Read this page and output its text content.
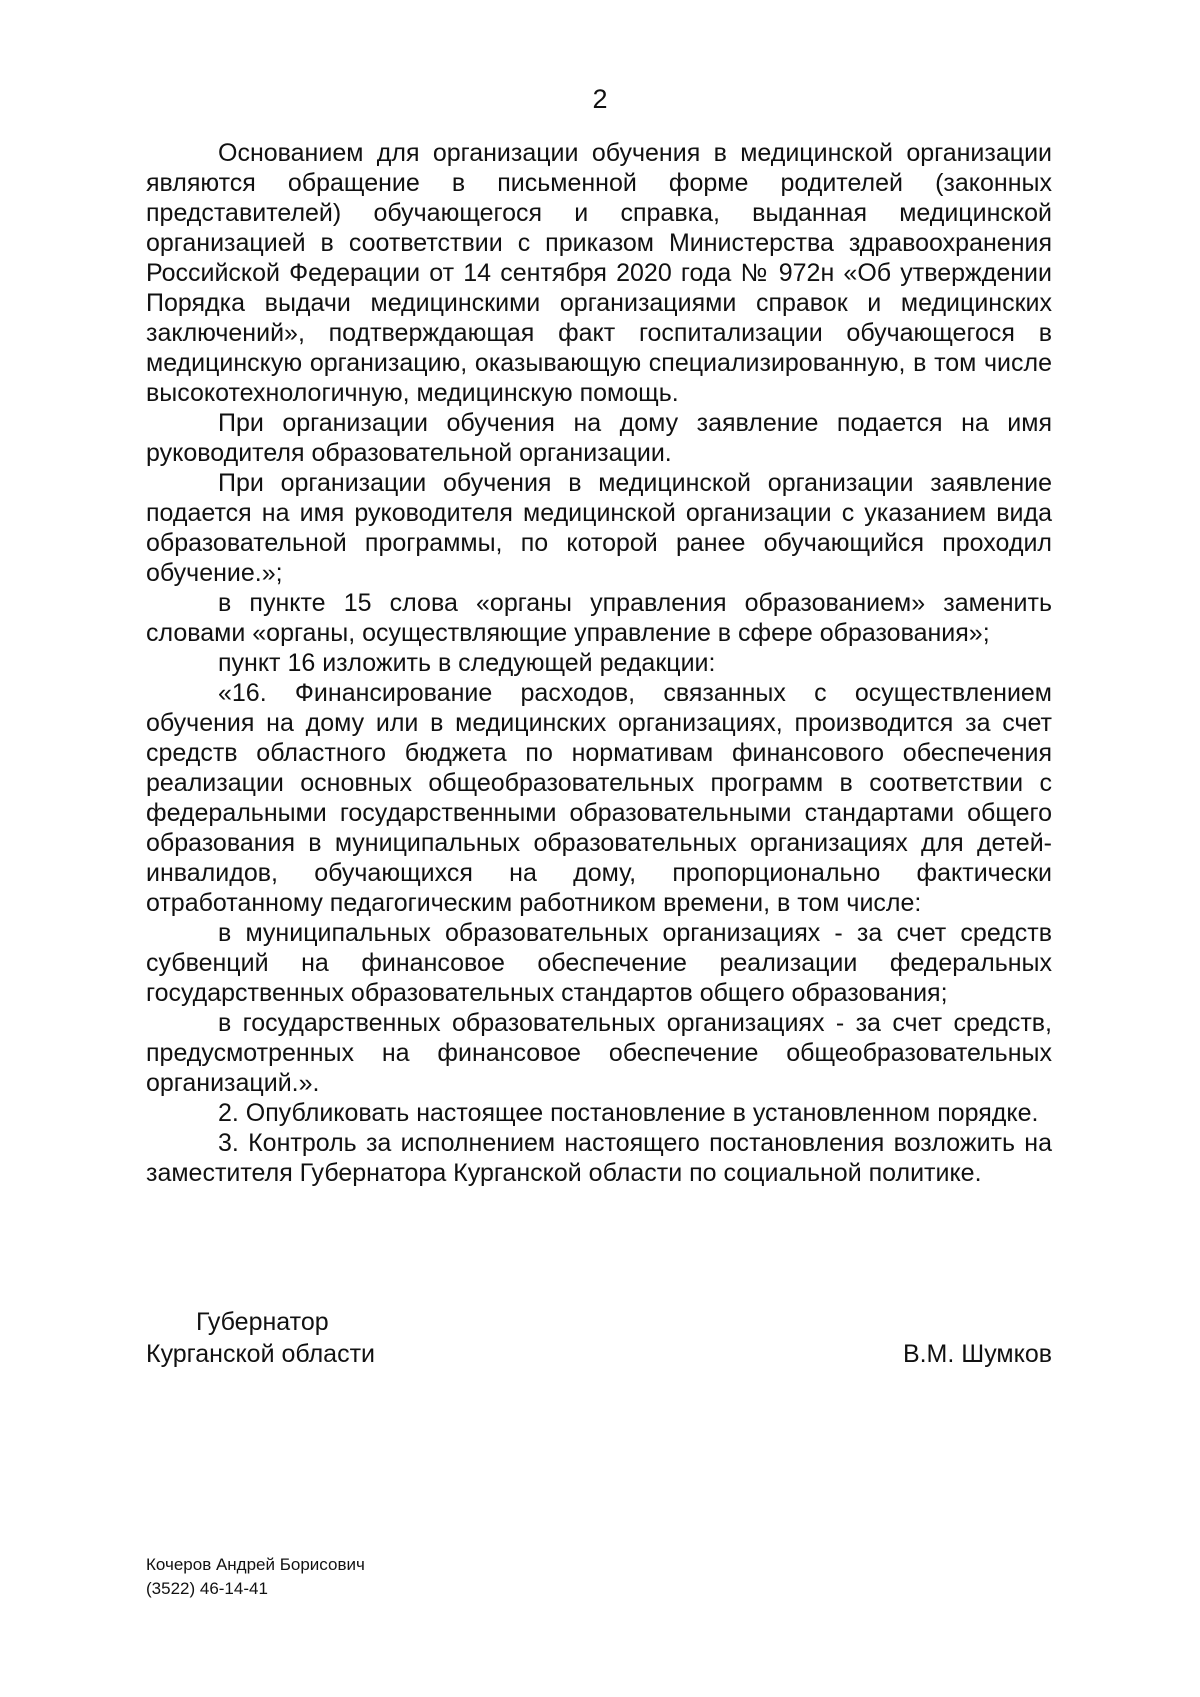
2

Основанием для организации обучения в медицинской организации являются обращение в письменной форме родителей (законных представителей) обучающегося и справка, выданная медицинской организацией в соответствии с приказом Министерства здравоохранения Российской Федерации от 14 сентября 2020 года № 972н «Об утверждении Порядка выдачи медицинскими организациями справок и медицинских заключений», подтверждающая факт госпитализации обучающегося в медицинскую организацию, оказывающую специализированную, в том числе высокотехнологичную, медицинскую помощь.

При организации обучения на дому заявление подается на имя руководителя образовательной организации.

При организации обучения в медицинской организации заявление подается на имя руководителя медицинской организации с указанием вида образовательной программы, по которой ранее обучающийся проходил обучение.»;

в пункте 15 слова «органы управления образованием» заменить словами «органы, осуществляющие управление в сфере образования»;

пункт 16 изложить в следующей редакции:

«16. Финансирование расходов, связанных с осуществлением обучения на дому или в медицинских организациях, производится за счет средств областного бюджета по нормативам финансового обеспечения реализации основных общеобразовательных программ в соответствии с федеральными государственными образовательными стандартами общего образования в муниципальных образовательных организациях для детей-инвалидов, обучающихся на дому, пропорционально фактически отработанному педагогическим работником времени, в том числе:

в муниципальных образовательных организациях - за счет средств субвенций на финансовое обеспечение реализации федеральных государственных образовательных стандартов общего образования;

в государственных образовательных организациях - за счет средств, предусмотренных на финансовое обеспечение общеобразовательных организаций.».

2. Опубликовать настоящее постановление в установленном порядке.

3. Контроль за исполнением настоящего постановления возложить на заместителя Губернатора Курганской области по социальной политике.

Губернатор
Курганской области	В.М. Шумков
Кочеров Андрей Борисович
(3522) 46-14-41
